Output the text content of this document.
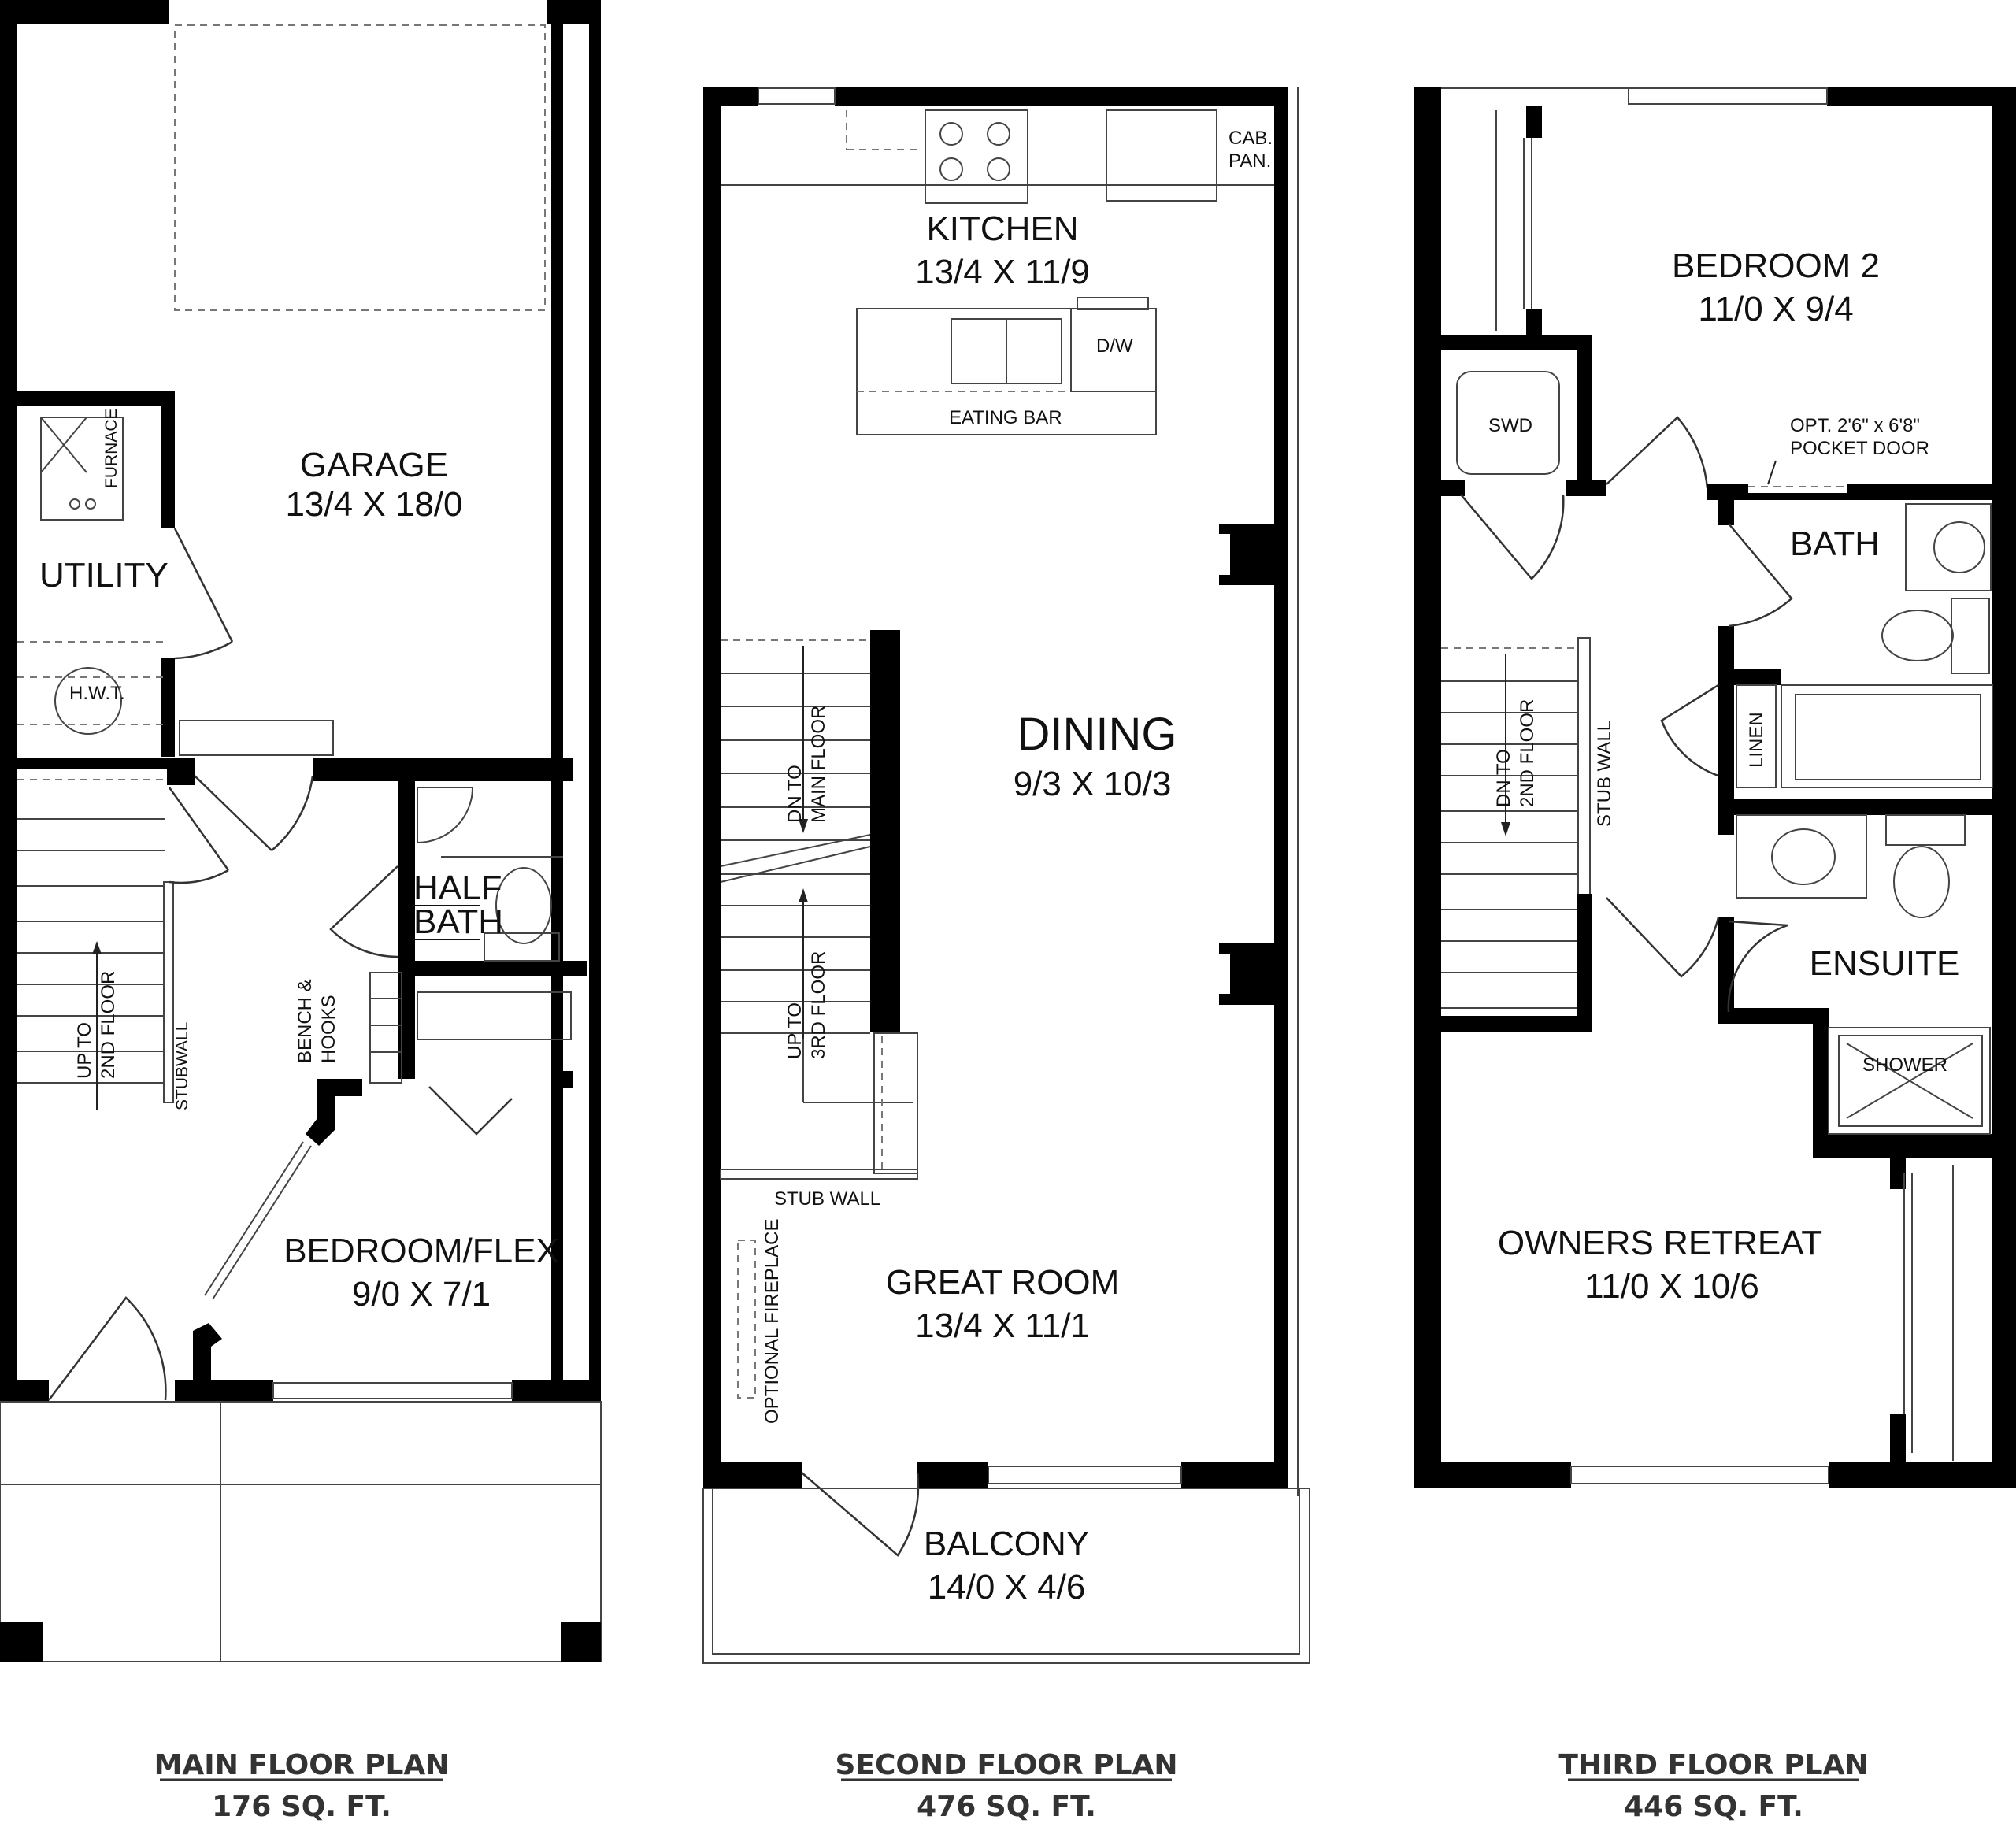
FURNACE
UTILITY
H.W.T.
GARAGE
13/4 X 18/0
UP TO 2ND FLOOR	STUBWALL
HALF
BATH
BENCH & HOOKS
BEDROOM/FLEX
9/0 X 7/1
MAIN FLOOR PLAN
176 SQ. FT.
CAB.
PAN.
KITCHEN
13/4 X 11/9
D/W
EATING BAR
DINING
9/3 X 10/3
DN TO MAIN FLOOR
UP TO 3RD FLOOR
STUB WALL
OPTIONAL FIREPLACE	GREAT ROOM
13/4 X 11/1
BALCONY
14/0 X 4/6
SECOND FLOOR PLAN
476 SQ. FT.
BEDROOM 2
11/0 X 9/4
SWD	OPT. 2'6" x 6'8"
POCKET DOOR
BATH
LINEN
DN TO 2ND FLOOR	STUB WALL
ENSUITE
SHOWER
OWNERS RETREAT
11/0 X 10/6
THIRD FLOOR PLAN
446 SQ. FT.
